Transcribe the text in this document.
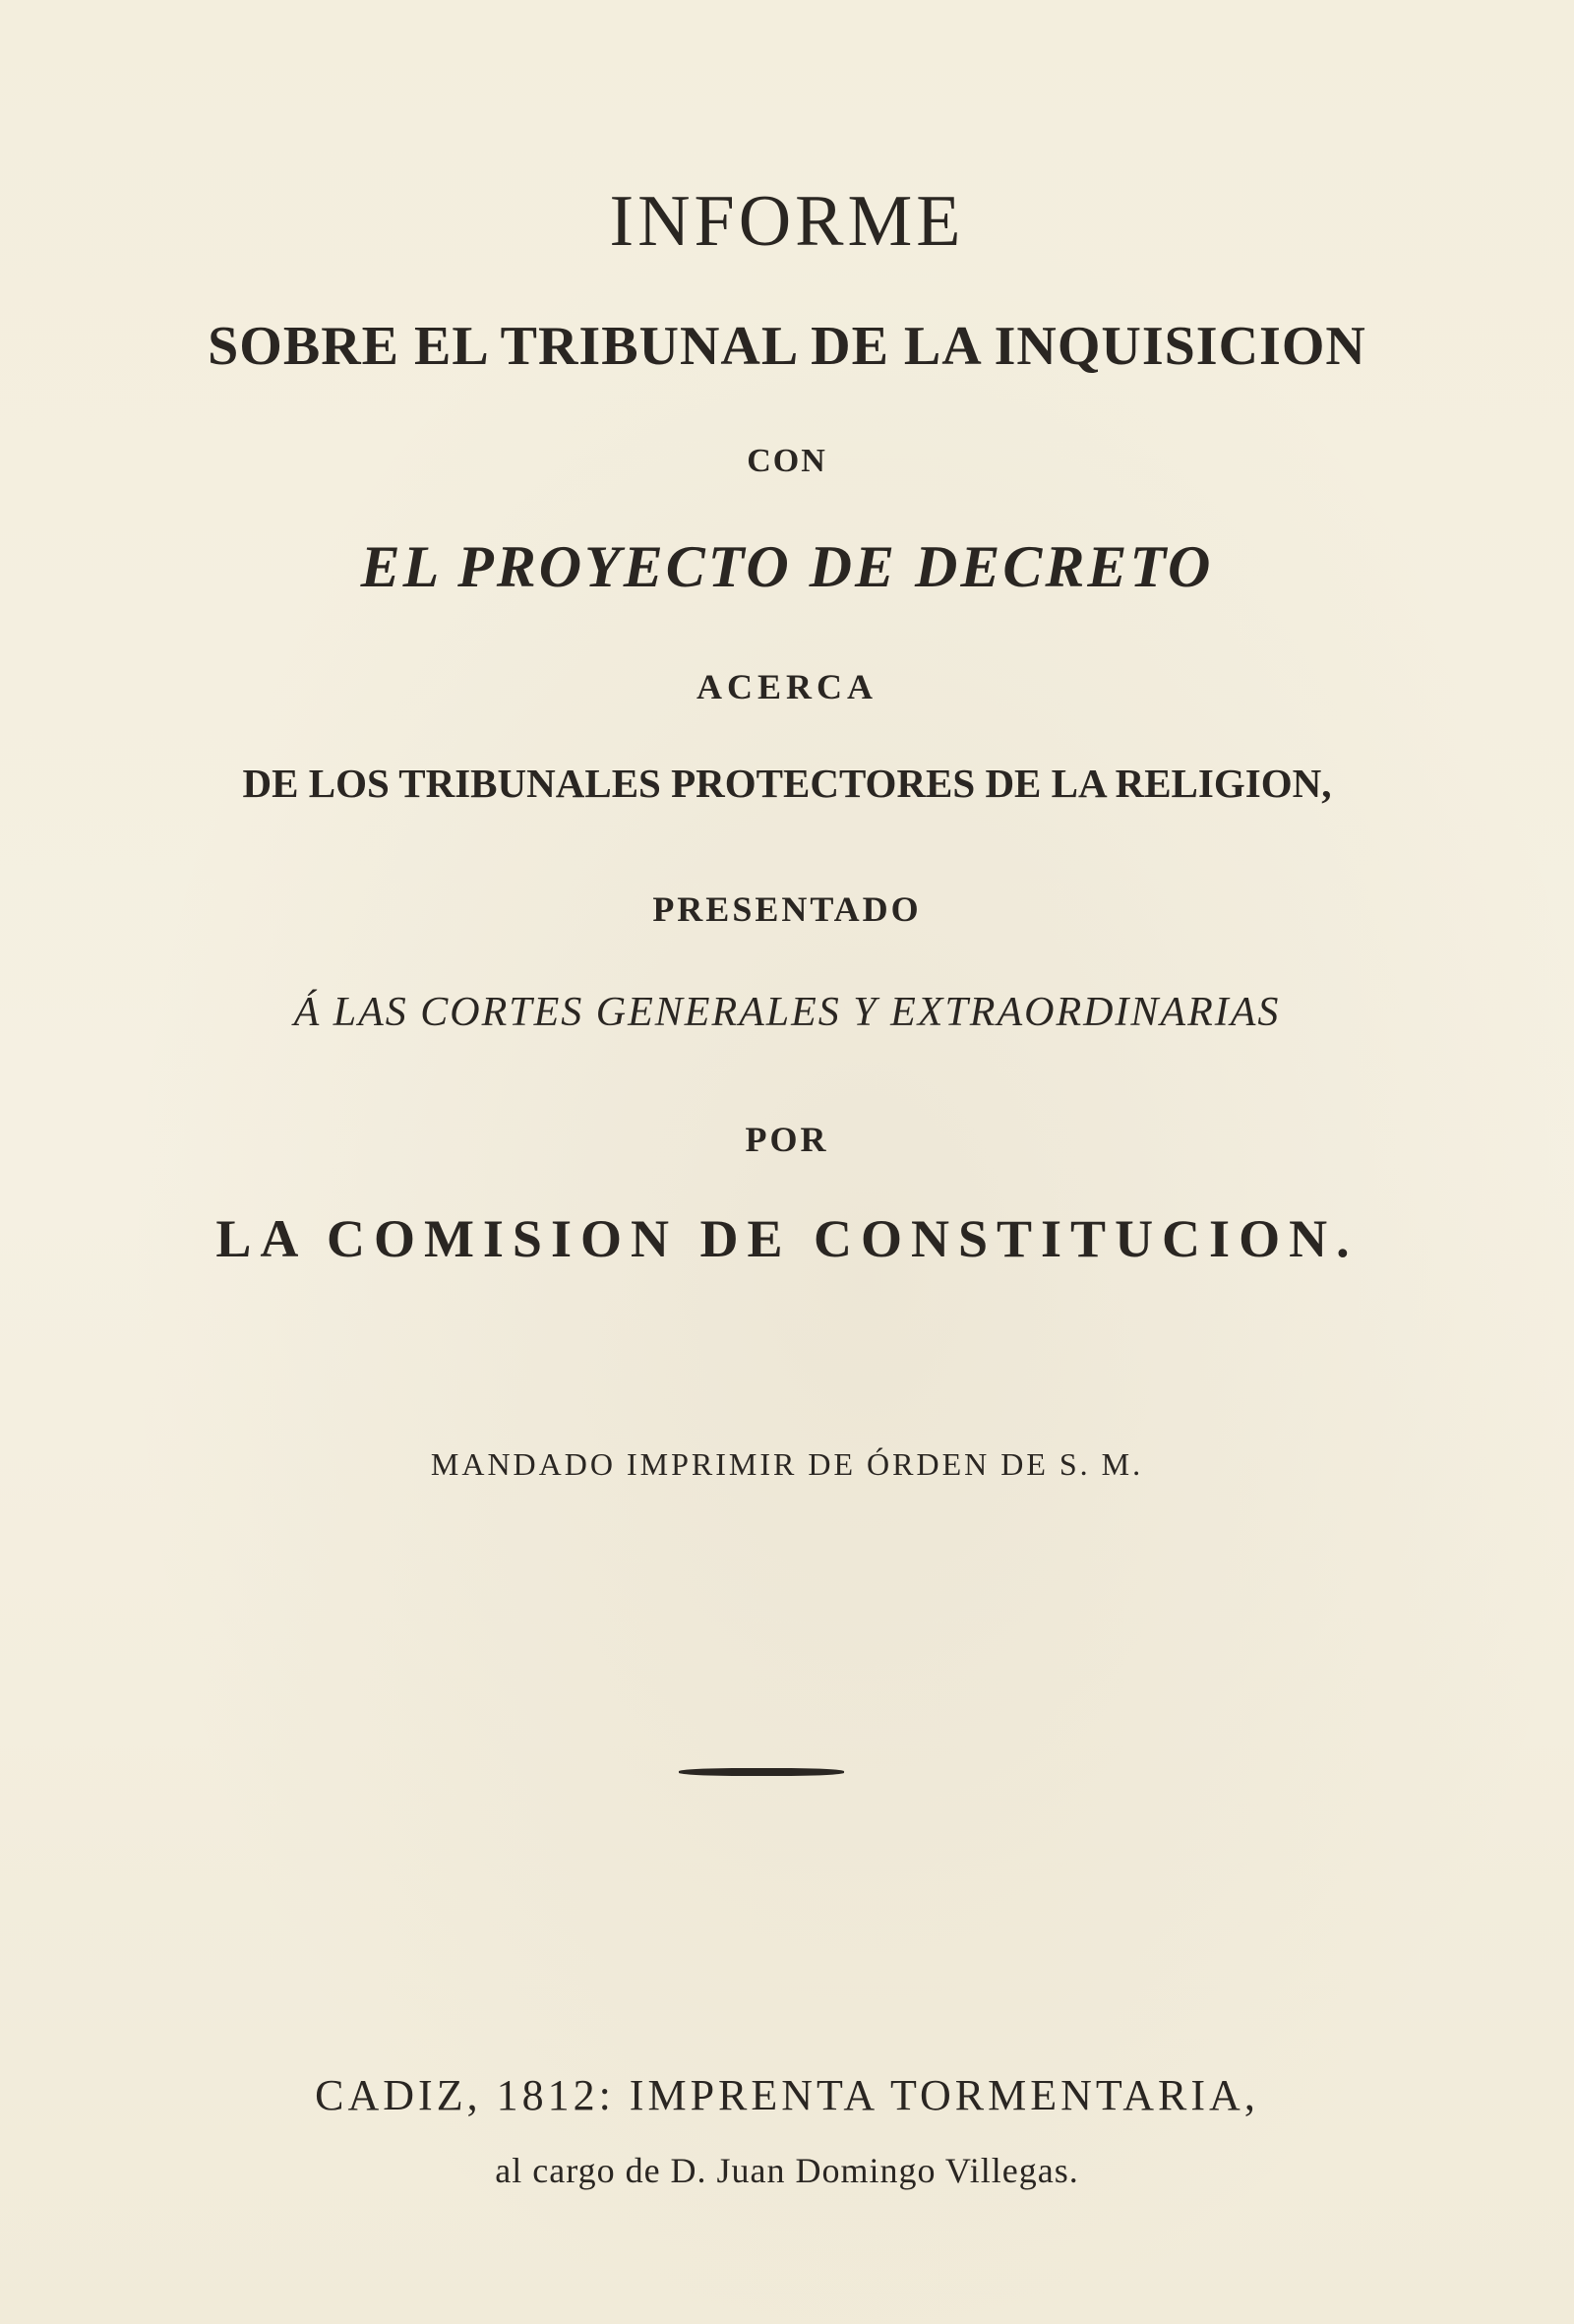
INFORME
SOBRE EL TRIBUNAL DE LA INQUISICION
CON
EL PROYECTO DE DECRETO
ACERCA
DE LOS TRIBUNALES PROTECTORES DE LA RELIGION,
PRESENTADO
Á LAS CORTES GENERALES Y EXTRAORDINARIAS
POR
LA COMISION DE CONSTITUCION.
MANDADO IMPRIMIR DE ÓRDEN DE S. M.
CADIZ, 1812: IMPRENTA TORMENTARIA,
al cargo de D. Juan Domingo Villegas.
